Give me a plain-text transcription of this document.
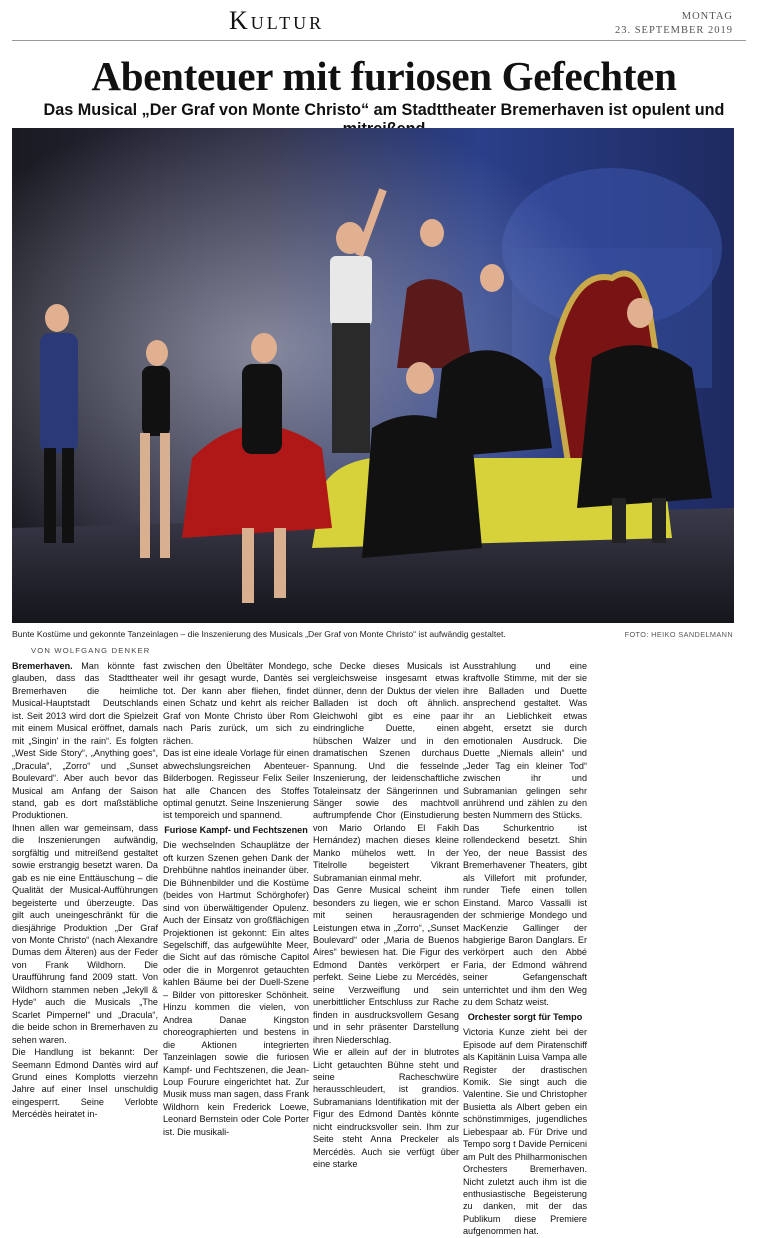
Kultur	MONTAG
23. SEPTEMBER 2019
Abenteuer mit furiosen Gefechten
Das Musical „Der Graf von Monte Christo“ am Stadttheater Bremerhaven ist opulent und
Bunte Kostüme und gekonnte Tanzeinlagen – die Inszenierung des Musicals „Der Graf von Monte Christo“ ist aufwändig gestaltet.	FOTO: HEIKO SANDELMANN
VON WOLFGANG DENKER

Bremerhaven. Man könnte fast glauben, dass das Stadttheater Bremerhaven die heimliche Musical-Hauptstadt Deutschlands ist. Seit 2013 wird dort die Spielzeit mit einem Musical eröffnet, damals mit „Singin' in the rain“. Es folgten „West Side Story“, „Anything goes“, „Dracula“, „Zorro“ und „Sunset Boulevard“. Aber auch bevor das Musical am Anfang der Saison stand, gab es dort maßstäbliche Produktionen.

Ihnen allen war gemeinsam, dass die Inszenierungen aufwändig, sorgfältig und mitreißend gestaltet sowie erstrangig besetzt waren. Da gab es nie eine Enttäuschung – die Qualität der Musical-Aufführungen begeisterte und überzeugte. Das gilt auch uneingeschränkt für die diesjährige Produktion „Der Graf von Monte Christo“ (nach Alexandre Dumas dem Älteren) aus der Feder von Frank Wildhorn. Die Uraufführung fand 2009 statt. Von Wildhorn stammen neben „Jekyll & Hyde“ auch die Musicals „The Scarlet Pimpernel“ und „Dracula“, die beide schon in Bremerhaven zu sehen waren.

Die Handlung ist bekannt: Der Seemann Edmond Dantès wird auf Grund eines Komplotts vierzehn Jahre auf einer Insel unschuldig eingesperrt. Seine Verlobte Mercédès heiratet in-

zwischen den Übeltäter Mondego, weil ihr gesagt wurde, Dantès sei tot. Der kann aber fliehen, findet einen Schatz und kehrt als reicher Graf von Monte Christo über Rom nach Paris zurück, um sich zu rächen.

Das ist eine ideale Vorlage für einen abwechslungsreichen Abenteuer-Bilderbogen. Regisseur Felix Seiler hat alle Chancen des Stoffes optimal genutzt. Seine Inszenierung ist temporeich und spannend.

Furiose Kampf- und Fechtszenen

Die wechselnden Schauplätze der oft kurzen Szenen gehen Dank der Drehbühne nahtlos ineinander über. Die Bühnenbilder und die Kostüme (beides von Hartmut Schörghofer) sind von überwältigender Opulenz. Auch der Einsatz von großflächigen Projektionen ist gekonnt: Ein altes Segelschiff, das aufgewühlte Meer, die Sicht auf das römische Capitol oder die in Morgenrot getauchten kahlen Bäume bei der Duell-Szene – Bilder von pittoresker Schönheit. Hinzu kommen die vielen, von Andrea Danae Kingston choreographierten und bestens in die Aktionen integrierten Tanzeinlagen sowie die furiosen Kampf- und Fechtszenen, die Jean-Loup Fourure eingerichtet hat. Zur Musik muss man sagen, dass Frank Wildhorn kein Frederick Loewe, Leonard Bernstein oder Cole Porter ist. Die musikali-

sche Decke dieses Musicals ist vergleichsweise insgesamt etwas dünner, denn der Duktus der vielen Balladen ist doch oft ähnlich. Gleichwohl gibt es eine paar eindringliche Duette, einen hübschen Walzer und in den dramatischen Szenen durchaus Spannung. Und die fesselnde Inszenierung, der leidenschaftliche Totaleinsatz der Sängerinnen und Sänger sowie des machtvoll auftrumpfende Chor (Einstudierung von Mario Orlando El Fakih Hernández) machen dieses kleine Manko mühelos wett. In der Titelrolle begeistert Vikrant Subramanian einmal mehr.

Das Genre Musical scheint ihm besonders zu liegen, wie er schon mit seinen herausragenden Leistungen etwa in „Zorro“, „Sunset Boulevard“ oder „Maria de Buenos Aires“ bewiesen hat. Die Figur des Edmond Dantès verkörpert er perfekt. Seine Liebe zu Mercédès, seine Verzweiflung und sein unerbittlicher Entschluss zur Rache finden in ausdrucksvollem Gesang und in sehr präsenter Darstellung ihren Niederschlag.

Wie er allein auf der in blutrotes Licht getauchten Bühne steht und seine Racheschwüre herausschleudert, ist grandios. Subramanians Identifikation mit der Figur des Edmond Dantès könnte nicht eindrucksvoller sein. Ihm zur Seite steht Anna Preckeler als Mercédès. Auch sie verfügt über eine starke

Ausstrahlung und eine kraftvolle Stimme, mit der sie ihre Balladen und Duette ansprechend gestaltet. Was ihr an Lieblichkeit etwas abgeht, ersetzt sie durch emotionalen Ausdruck. Die Duette „Niemals allein“ und „Jeder Tag ein kleiner Tod“ zwischen ihr und Subramanian gelingen sehr anrührend und zählen zu den besten Nummern des Stücks.

Das Schurkentrio ist rollendeckend besetzt. Shin Yeo, der neue Bassist des Bremerhavener Theaters, gibt als Villefort mit profunder, runder Tiefe einen tollen Einstand. Marco Vassalli ist der schmierige Mondego und MacKenzie Gallinger der habgierige Baron Danglars. Er verkörpert auch den Abbé Faria, der Edmond während seiner Gefangenschaft unterrichtet und ihm den Weg zu dem Schatz weist.

Orchester sorgt für Tempo

Victoria Kunze zieht bei der Episode auf dem Piratenschiff als Kapitänin Luisa Vampa alle Register der drastischen Komik. Sie singt auch die Valentine. Sie und Christopher Busietta als Albert geben ein schönstimmiges, jugendliches Liebespaar ab. Für Drive und Tempo sorg t Davide Perniceni am Pult des Philharmonischen Orchesters Bremerhaven. Nicht zuletzt auch ihm ist die enthusiastische Begeisterung zu danken, mit der das Publikum diese Premiere aufgenommen hat.
